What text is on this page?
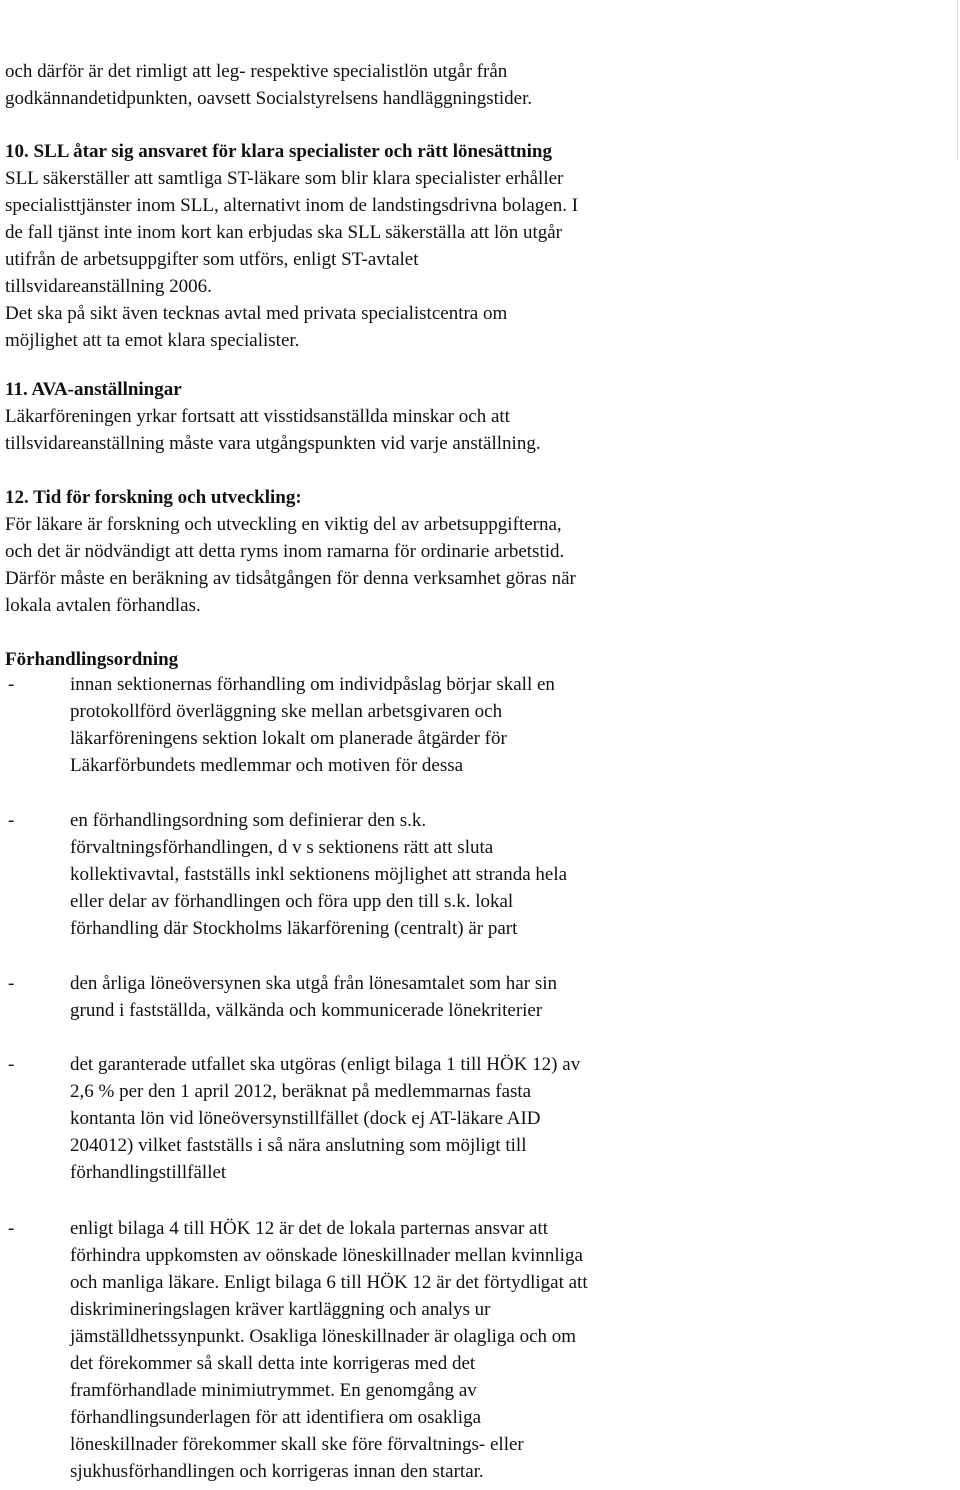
och därför är det rimligt att leg- respektive specialistlön utgår från
godkännandetidpunkten, oavsett Socialstyrelsens handläggningstider.
10. SLL åtar sig ansvaret för klara specialister och rätt lönesättning
SLL säkerställer att samtliga ST-läkare som blir klara specialister erhåller
specialisttjänster inom SLL, alternativt inom de landstingsdrivna bolagen. I
de fall tjänst inte inom kort kan erbjudas ska SLL säkerställa att lön utgår
utifrån de arbetsuppgifter som utförs, enligt ST-avtalet
tillsvidareanställning 2006.
Det ska på sikt även tecknas avtal med privata specialistcentra om
möjlighet att ta emot klara specialister.
11. AVA-anställningar
Läkarföreningen yrkar fortsatt att visstidsanställda minskar och att
tillsvidareanställning måste vara utgångspunkten vid varje anställning.
12. Tid för forskning och utveckling:
För läkare är forskning och utveckling en viktig del av arbetsuppgifterna,
och det är nödvändigt att detta ryms inom ramarna för ordinarie arbetstid.
Därför måste en beräkning av tidsåtgången för denna verksamhet göras när
lokala avtalen förhandlas.
Förhandlingsordning
-	innan sektionernas förhandling om individpåslag börjar skall en
protokollförd överläggning ske mellan arbetsgivaren och
läkarföreningens sektion lokalt om planerade åtgärder för
Läkarförbundets medlemmar och motiven för dessa
-	en förhandlingsordning som definierar den s.k.
förvaltningsförhandlingen, d v s sektionens rätt att sluta
kollektivavtal, fastställs inkl sektionens möjlighet att stranda hela
eller delar av förhandlingen och föra upp den till s.k. lokal
förhandling där Stockholms läkarförening (centralt) är part
-	den årliga löneöversynen ska utgå från lönesamtalet som har sin
grund i fastställda, välkända och kommunicerade lönekriterier
-	det garanterade utfallet ska utgöras (enligt bilaga 1 till HÖK 12) av
2,6 % per den 1 april 2012, beräknat på medlemmarnas fasta
kontanta lön vid löneöversynstillfället (dock ej AT-läkare AID
204012) vilket fastställs i så nära anslutning som möjligt till
förhandlingstillfället
-	enligt bilaga 4 till HÖK 12 är det de lokala parternas ansvar att
förhindra uppkomsten av oönskade löneskillnader mellan kvinnliga
och manliga läkare. Enligt bilaga 6 till HÖK 12 är det förtydligat att
diskrimineringslagen kräver kartläggning och analys ur
jämställdhetssynpunkt. Osakliga löneskillnader är olagliga och om
det förekommer så skall detta inte korrigeras med det
framförhandlade minimiutrymmet. En genomgång av
förhandlingsunderlagen för att identifiera om osakliga
löneskillnader förekommer skall ske före förvaltnings- eller
sjukhusförhandlingen och korrigeras innan den startar.
